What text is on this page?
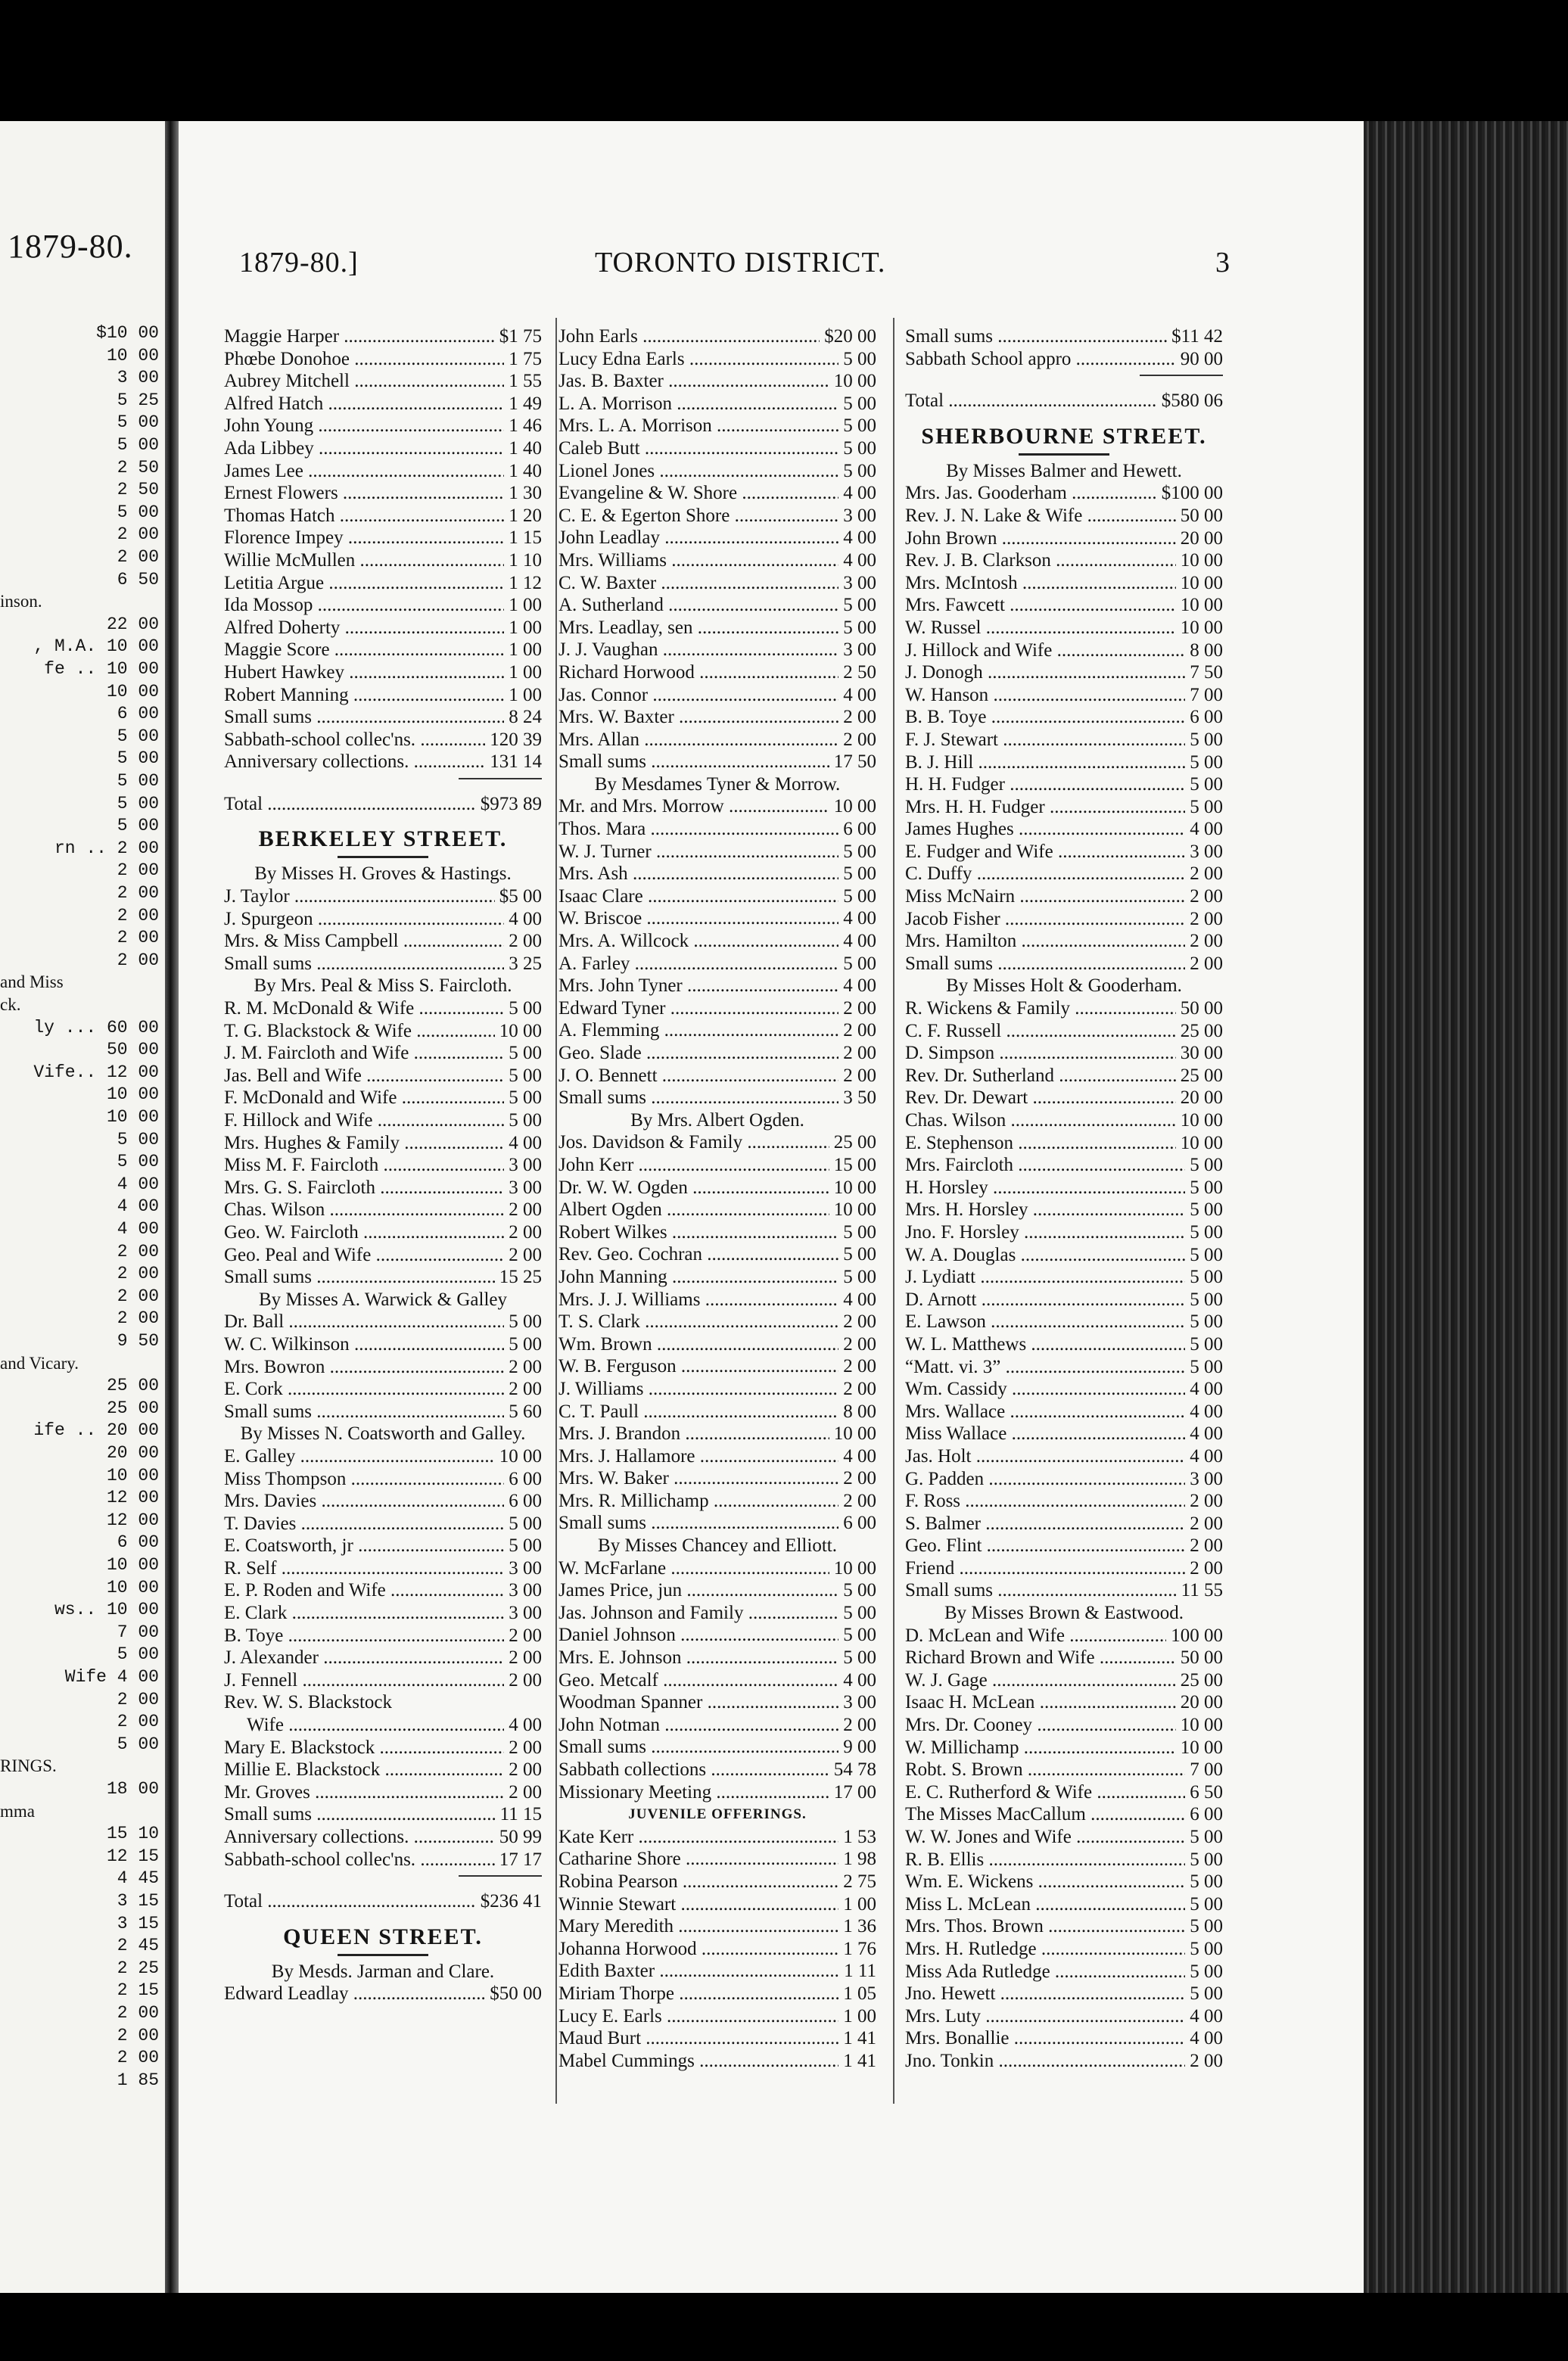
1879-80.
$10 00
10 00
3 00
5 25
5 00
5 00
2 50
2 50
5 00
2 00
2 00
6 50
inson.
22 00
, M.A. 10 00
fe .. 10 00
10 00
6 00
5 00
5 00
5 00
5 00
5 00
rn .. 2 00
2 00
2 00
2 00
2 00
2 00
and Miss
ck.
ly ... 60 00
50 00
Vife.. 12 00
10 00
10 00
5 00
5 00
4 00
4 00
4 00
2 00
2 00
2 00
2 00
9 50
and Vicary.
25 00
25 00
ife .. 20 00
20 00
10 00
12 00
12 00
6 00
10 00
10 00
ws.. 10 00
7 00
5 00
Wife 4 00
2 00
2 00
5 00
RINGS.
18 00
mma
15 10
12 15
4 45
3 15
3 15
2 45
2 25
2 15
2 00
2 00
2 00
1 85
1879-80.]	TORONTO DISTRICT.	3
Maggie Harper .....	$1 75
Phœbe Donohoe .....	1 75
Aubrey Mitchell .....	1 55
Alfred Hatch .....	1 49
John Young .....	1 46
Ada Libbey .....	1 40
James Lee .....	1 40
Ernest Flowers .....	1 30
Thomas Hatch .....	1 20
Florence Impey .....	1 15
Willie McMullen .....	1 10
Letitia Argue .....	1 12
Ida Mossop .....	1 00
Alfred Doherty .....	1 00
Maggie Score .....	1 00
Hubert Hawkey .....	1 00
Robert Manning .....	1 00
Small sums .....	8 24
Sabbath-school collec'ns. .....	120 39
Anniversary collections. .....	131 14
Total .....	$973 89
BERKELEY STREET.
By Misses H. Groves & Hastings.
J. Taylor .....	$5 00
J. Spurgeon .....	4 00
Mrs. & Miss Campbell .....	2 00
Small sums .....	3 25
By Mrs. Peal & Miss S. Faircloth.
R. M. McDonald & Wife .....	5 00
T. G. Blackstock & Wife .....	10 00
J. M. Faircloth and Wife .....	5 00
Jas. Bell and Wife .....	5 00
F. McDonald and Wife .....	5 00
F. Hillock and Wife .....	5 00
Mrs. Hughes & Family .....	4 00
Miss M. F. Faircloth .....	3 00
Mrs. G. S. Faircloth .....	3 00
Chas. Wilson .....	2 00
Geo. W. Faircloth .....	2 00
Geo. Peal and Wife .....	2 00
Small sums .....	15 25
By Misses A. Warwick & Galley
Dr. Ball .....	5 00
W. C. Wilkinson .....	5 00
Mrs. Bowron .....	2 00
E. Cork .....	2 00
Small sums .....	5 60
By Misses N. Coatsworth and Galley.
E. Galley .....	10 00
Miss Thompson .....	6 00
Mrs. Davies .....	6 00
T. Davies .....	5 00
E. Coatsworth, jr .....	5 00
R. Self .....	3 00
E. P. Roden and Wife .....	3 00
E. Clark .....	3 00
B. Toye .....	2 00
J. Alexander .....	2 00
J. Fennell .....	2 00
Rev. W. S. Blackstock
Wife .....	4 00
Mary E. Blackstock .....	2 00
Millie E. Blackstock .....	2 00
Mr. Groves .....	2 00
Small sums .....	11 15
Anniversary collections. .....	50 99
Sabbath-school collec'ns. .....	17 17
Total .....	$236 41
QUEEN STREET.
By Mesds. Jarman and Clare.
Edward Leadlay .....	$50 00
John Earls .....	$20 00
Lucy Edna Earls .....	5 00
Jas. B. Baxter .....	10 00
L. A. Morrison .....	5 00
Mrs. L. A. Morrison .....	5 00
Caleb Butt .....	5 00
Lionel Jones .....	5 00
Evangeline & W. Shore .....	4 00
C. E. & Egerton Shore .....	3 00
John Leadlay .....	4 00
Mrs. Williams .....	4 00
C. W. Baxter .....	3 00
A. Sutherland .....	5 00
Mrs. Leadlay, sen .....	5 00
J. J. Vaughan .....	3 00
Richard Horwood .....	2 50
Jas. Connor .....	4 00
Mrs. W. Baxter .....	2 00
Mrs. Allan .....	2 00
Small sums .....	17 50
By Mesdames Tyner & Morrow.
Mr. and Mrs. Morrow .....	10 00
Thos. Mara .....	6 00
W. J. Turner .....	5 00
Mrs. Ash .....	5 00
Isaac Clare .....	5 00
W. Briscoe .....	4 00
Mrs. A. Willcock .....	4 00
A. Farley .....	5 00
Mrs. John Tyner .....	4 00
Edward Tyner .....	2 00
A. Flemming .....	2 00
Geo. Slade .....	2 00
J. O. Bennett .....	2 00
Small sums .....	3 50
By Mrs. Albert Ogden.
Jos. Davidson & Family .....	25 00
John Kerr .....	15 00
Dr. W. W. Ogden .....	10 00
Albert Ogden .....	10 00
Robert Wilkes .....	5 00
Rev. Geo. Cochran .....	5 00
John Manning .....	5 00
Mrs. J. J. Williams .....	4 00
T. S. Clark .....	2 00
Wm. Brown .....	2 00
W. B. Ferguson .....	2 00
J. Williams .....	2 00
C. T. Paull .....	8 00
Mrs. J. Brandon .....	10 00
Mrs. J. Hallamore .....	4 00
Mrs. W. Baker .....	2 00
Mrs. R. Millichamp .....	2 00
Small sums .....	6 00
By Misses Chancey and Elliott.
W. McFarlane .....	10 00
James Price, jun .....	5 00
Jas. Johnson and Family .....	5 00
Daniel Johnson .....	5 00
Mrs. E. Johnson .....	5 00
Geo. Metcalf .....	4 00
Woodman Spanner .....	3 00
John Notman .....	2 00
Small sums .....	9 00
Sabbath collections .....	54 78
Missionary Meeting .....	17 00
JUVENILE OFFERINGS.
Kate Kerr .....	1 53
Catharine Shore .....	1 98
Robina Pearson .....	2 75
Winnie Stewart .....	1 00
Mary Meredith .....	1 36
Johanna Horwood .....	1 76
Edith Baxter .....	1 11
Miriam Thorpe .....	1 05
Lucy E. Earls .....	1 00
Maud Burt .....	1 41
Mabel Cummings .....	1 41
Small sums .....	$11 42
Sabbath School appro .....	90 00
Total .....	$580 06
SHERBOURNE STREET.
By Misses Balmer and Hewett.
Mrs. Jas. Gooderham .....	$100 00
Rev. J. N. Lake & Wife .....	50 00
John Brown .....	20 00
Rev. J. B. Clarkson .....	10 00
Mrs. McIntosh .....	10 00
Mrs. Fawcett .....	10 00
W. Russel .....	10 00
J. Hillock and Wife .....	8 00
J. Donogh .....	7 50
W. Hanson .....	7 00
B. B. Toye .....	6 00
F. J. Stewart .....	5 00
B. J. Hill .....	5 00
H. H. Fudger .....	5 00
Mrs. H. H. Fudger .....	5 00
James Hughes .....	4 00
E. Fudger and Wife .....	3 00
C. Duffy .....	2 00
Miss McNairn .....	2 00
Jacob Fisher .....	2 00
Mrs. Hamilton .....	2 00
Small sums .....	2 00
By Misses Holt & Gooderham.
R. Wickens & Family .....	50 00
C. F. Russell .....	25 00
D. Simpson .....	30 00
Rev. Dr. Sutherland .....	25 00
Rev. Dr. Dewart .....	20 00
Chas. Wilson .....	10 00
E. Stephenson .....	10 00
Mrs. Faircloth .....	5 00
H. Horsley .....	5 00
Mrs. H. Horsley .....	5 00
Jno. F. Horsley .....	5 00
W. A. Douglas .....	5 00
J. Lydiatt .....	5 00
D. Arnott .....	5 00
E. Lawson .....	5 00
W. L. Matthews .....	5 00
“Matt. vi. 3” .....	5 00
Wm. Cassidy .....	4 00
Mrs. Wallace .....	4 00
Miss Wallace .....	4 00
Jas. Holt .....	4 00
G. Padden .....	3 00
F. Ross .....	2 00
S. Balmer .....	2 00
Geo. Flint .....	2 00
Friend .....	2 00
Small sums .....	11 55
By Misses Brown & Eastwood.
D. McLean and Wife .....	100 00
Richard Brown and Wife .....	50 00
W. J. Gage .....	25 00
Isaac H. McLean .....	20 00
Mrs. Dr. Cooney .....	10 00
W. Millichamp .....	10 00
Robt. S. Brown .....	7 00
E. C. Rutherford & Wife .....	6 50
The Misses MacCallum .....	6 00
W. W. Jones and Wife .....	5 00
R. B. Ellis .....	5 00
Wm. E. Wickens .....	5 00
Miss L. McLean .....	5 00
Mrs. Thos. Brown .....	5 00
Mrs. H. Rutledge .....	5 00
Miss Ada Rutledge .....	5 00
Jno. Hewett .....	5 00
Mrs. Luty .....	4 00
Mrs. Bonallie .....	4 00
Jno. Tonkin .....	2 00
